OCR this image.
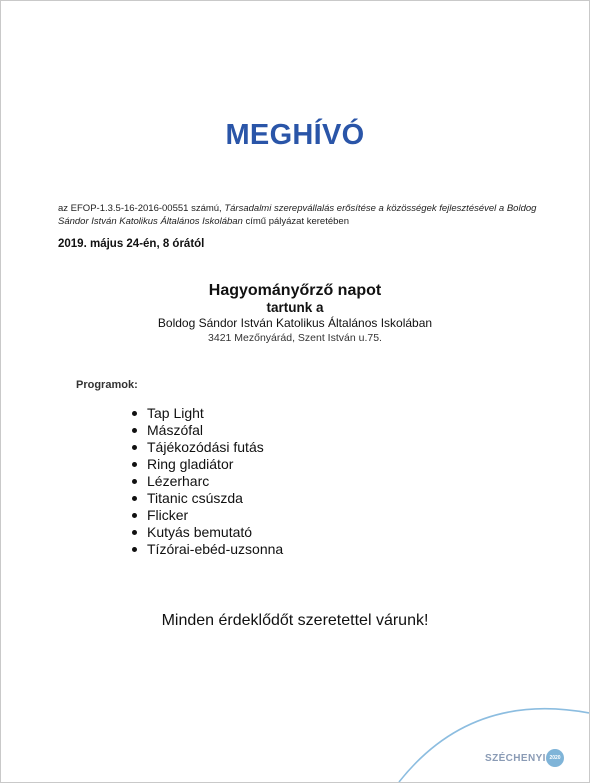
MEGHÍVÓ
az EFOP-1.3.5-16-2016-00551 számú, Társadalmi szerepvállalás erősítése a közösségek fejlesztésével a Boldog Sándor István Katolikus Általános Iskolában című pályázat keretében
2019. május 24-én, 8 órától
Hagyományőrző napot
tartunk a
Boldog Sándor István Katolikus Általános Iskolában
3421 Mezőnyárád, Szent István u.75.
Programok:
Tap Light
Mászófal
Tájékozódási futás
Ring gladiátor
Lézerharc
Titanic csúszda
Flicker
Kutyás bemutató
Tízórai-ebéd-uzsonna
Minden érdeklődőt szeretettel várunk!
SZÉCHENYI 2020
